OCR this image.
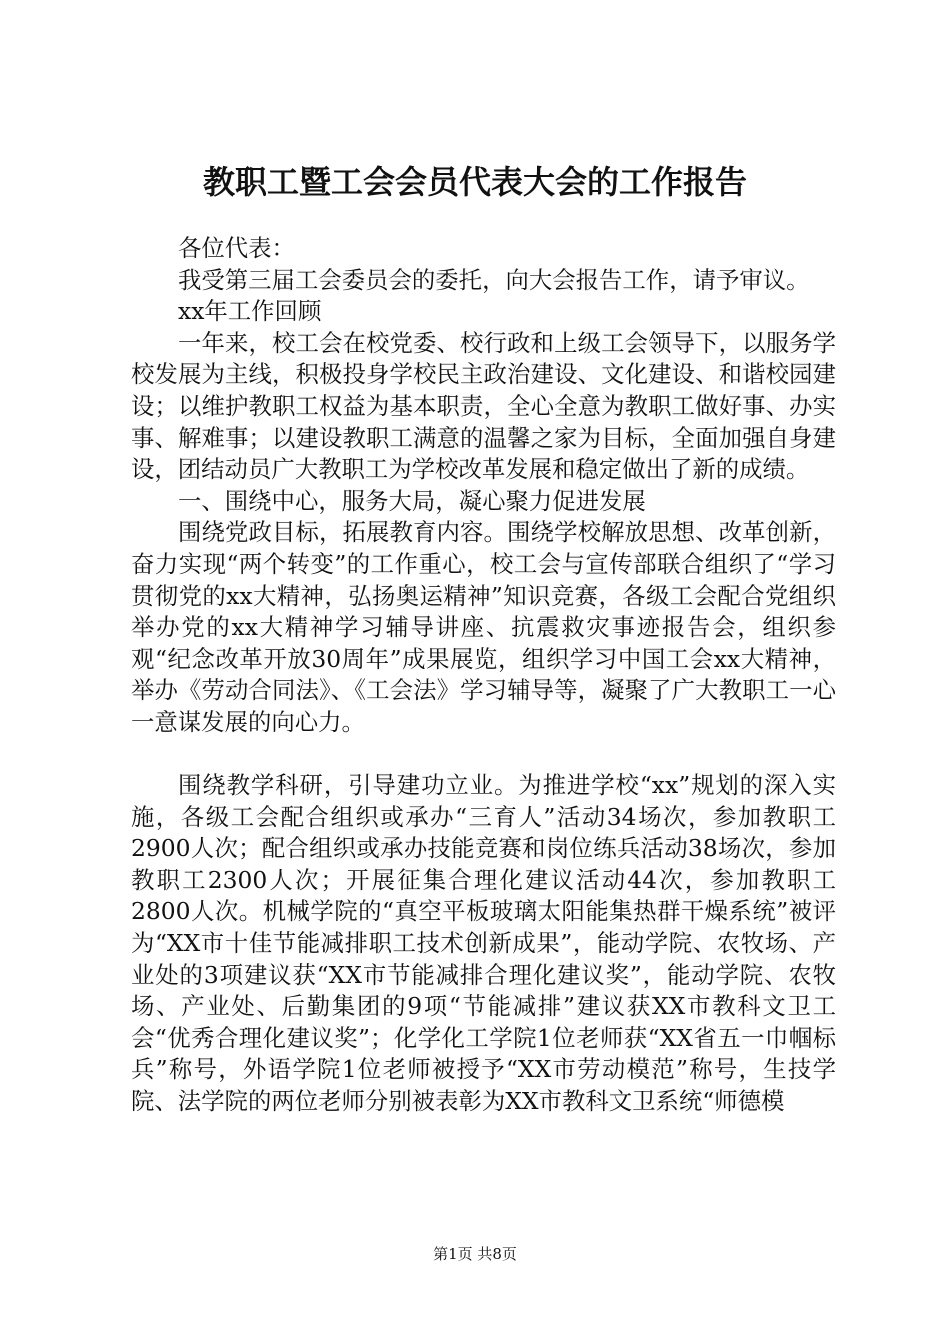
教职工暨工会会员代表大会的工作报告

各位代表：

我受第三届工会委员会的委托，向大会报告工作，请予审议。

xx年工作回顾

一年来，校工会在校党委、校行政和上级工会领导下，以服务学校发展为主线，积极投身学校民主政治建设、文化建设、和谐校园建设；以维护教职工权益为基本职责，全心全意为教职工做好事、办实事、解难事；以建设教职工满意的温馨之家为目标，全面加强自身建设，团结动员广大教职工为学校改革发展和稳定做出了新的成绩。

一、围绕中心，服务大局，凝心聚力促进发展

围绕党政目标，拓展教育内容。围绕学校解放思想、改革创新，奋力实现“两个转变”的工作重心，校工会与宣传部联合组织了“学习贯彻党的xx大精神，弘扬奥运精神”知识竞赛，各级工会配合党组织举办党的xx大精神学习辅导讲座、抗震救灾事迹报告会，组织参观“纪念改革开放30周年”成果展览，组织学习中国工会xx大精神，举办《劳动合同法》、《工会法》学习辅导等，凝聚了广大教职工一心一意谋发展的向心力。

围绕教学科研，引导建功立业。为推进学校“xx”规划的深入实施，各级工会配合组织或承办“三育人”活动34场次，参加教职工2900人次；配合组织或承办技能竞赛和岗位练兵活动38场次，参加教职工2300人次；开展征集合理化建议活动44次，参加教职工2800人次。机械学院的“真空平板玻璃太阳能集热群干燥系统”被评为“XX市十佳节能减排职工技术创新成果”，能动学院、农牧场、产业处的3项建议获“XX市节能减排合理化建议奖”，能动学院、农牧场、产业处、后勤集团的9项“节能减排”建议获XX市教科文卫工会“优秀合理化建议奖”；化学化工学院1位老师获“XX省五一巾帼标兵”称号，外语学院1位老师被授予“XX市劳动模范”称号，生技学院、法学院的两位老师分别被表彰为XX市教科文卫系统“师德模

第1页 共8页
